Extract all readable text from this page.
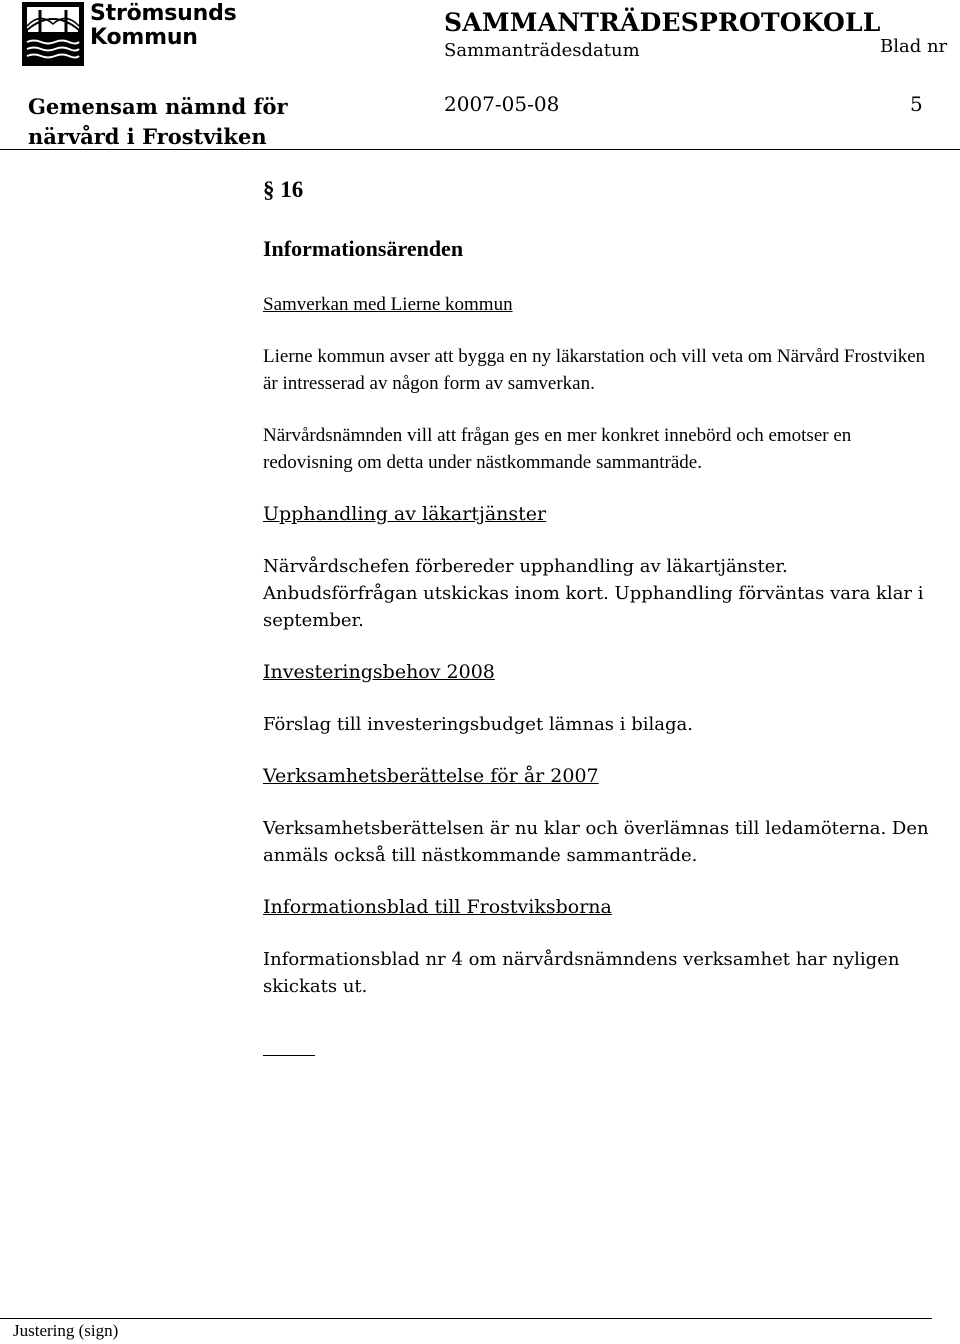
Strömsunds
Kommun
SAMMANTRÄDESPROTOKOLL
Sammanträdesdatum	Blad nr
Gemensam nämnd för
närvård i Frostviken
2007-05-08	5
§ 16
Informationsärenden
Samverkan med Lierne kommun
Lierne kommun avser att bygga en ny läkarstation och vill veta om Närvård Frostviken är intresserad av någon form av samverkan.
Närvårdsnämnden vill att frågan ges en mer konkret innebörd och emotser en redovisning om detta under nästkommande sammanträde.
Upphandling av läkartjänster
Närvårdschefen förbereder upphandling av läkartjänster. Anbudsförfrågan utskickas inom kort. Upphandling förväntas vara klar i september.
Investeringsbehov 2008
Förslag till investeringsbudget lämnas i bilaga.
Verksamhetsberättelse för år 2007
Verksamhetsberättelsen är nu klar och överlämnas till ledamöterna. Den anmäls också till nästkommande sammanträde.
Informationsblad till Frostviksborna
Informationsblad nr 4 om närvårdsnämndens verksamhet har nyligen skickats ut.
Justering (sign)
